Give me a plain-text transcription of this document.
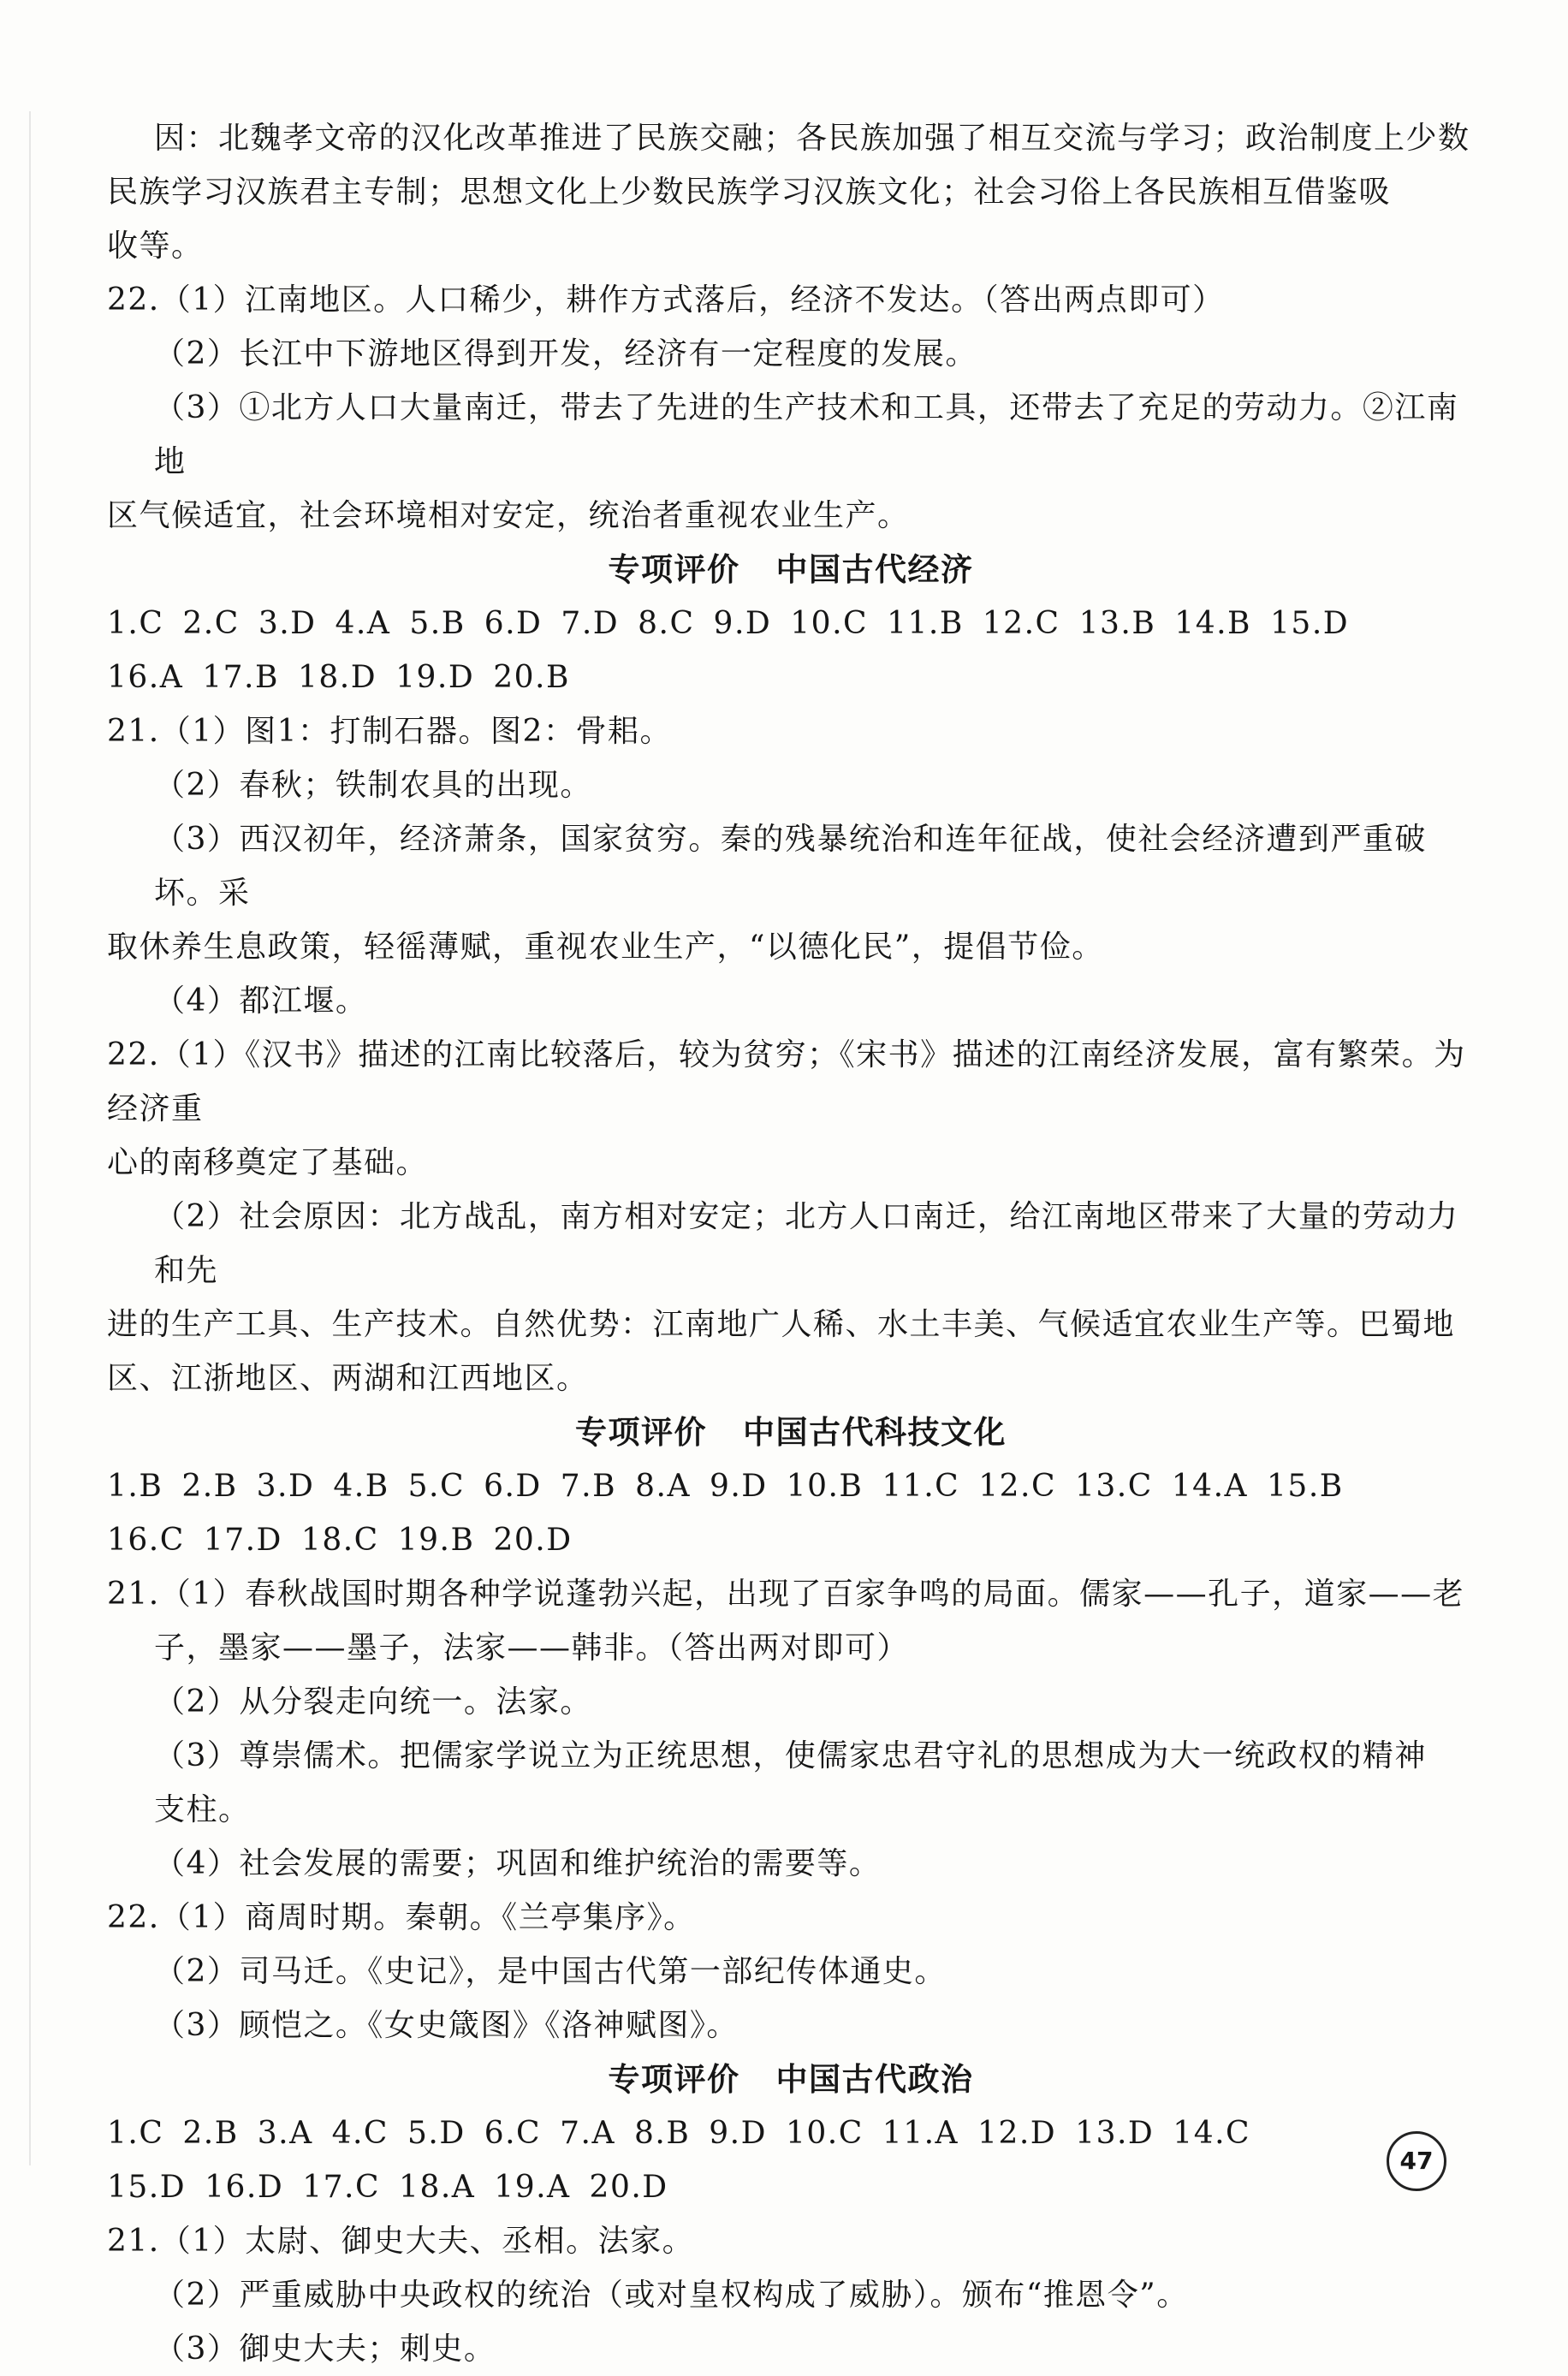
因：北魏孝文帝的汉化改革推进了民族交融；各民族加强了相互交流与学习；政治制度上少数

民族学习汉族君主专制；思想文化上少数民族学习汉族文化；社会习俗上各民族相互借鉴吸

收等。

22.（1）江南地区。人口稀少，耕作方式落后，经济不发达。（答出两点即可）

（2）长江中下游地区得到开发，经济有一定程度的发展。

（3）①北方人口大量南迁，带去了先进的生产技术和工具，还带去了充足的劳动力。②江南地

区气候适宜，社会环境相对安定，统治者重视农业生产。

专项评价 中国古代经济

1.C 2.C 3.D 4.A 5.B 6.D 7.D 8.C 9.D 10.C 11.B 12.C 13.B 14.B 15.D

16.A 17.B 18.D 19.D 20.B

21.（1）图1：打制石器。图2：骨耜。

（2）春秋；铁制农具的出现。

（3）西汉初年，经济萧条，国家贫穷。秦的残暴统治和连年征战，使社会经济遭到严重破坏。采

取休养生息政策，轻徭薄赋，重视农业生产，“以德化民”，提倡节俭。

（4）都江堰。

22.（1）《汉书》描述的江南比较落后，较为贫穷；《宋书》描述的江南经济发展，富有繁荣。为经济重

心的南移奠定了基础。

（2）社会原因：北方战乱，南方相对安定；北方人口南迁，给江南地区带来了大量的劳动力和先

进的生产工具、生产技术。自然优势：江南地广人稀、水土丰美、气候适宜农业生产等。巴蜀地

区、江浙地区、两湖和江西地区。

专项评价 中国古代科技文化

1.B 2.B 3.D 4.B 5.C 6.D 7.B 8.A 9.D 10.B 11.C 12.C 13.C 14.A 15.B

16.C 17.D 18.C 19.B 20.D

21.（1）春秋战国时期各种学说蓬勃兴起，出现了百家争鸣的局面。儒家——孔子，道家——老

子，墨家——墨子，法家——韩非。（答出两对即可）

（2）从分裂走向统一。法家。

（3）尊崇儒术。把儒家学说立为正统思想，使儒家忠君守礼的思想成为大一统政权的精神

支柱。

（4）社会发展的需要；巩固和维护统治的需要等。

22.（1）商周时期。秦朝。《兰亭集序》。

（2）司马迁。《史记》，是中国古代第一部纪传体通史。

（3）顾恺之。《女史箴图》《洛神赋图》。

专项评价 中国古代政治

1.C 2.B 3.A 4.C 5.D 6.C 7.A 8.B 9.D 10.C 11.A 12.D 13.D 14.C

15.D 16.D 17.C 18.A 19.A 20.D

21.（1）太尉、御史大夫、丞相。法家。

（2）严重威胁中央政权的统治（或对皇权构成了威胁）。颁布“推恩令”。

（3）御史大夫；刺史。

47
